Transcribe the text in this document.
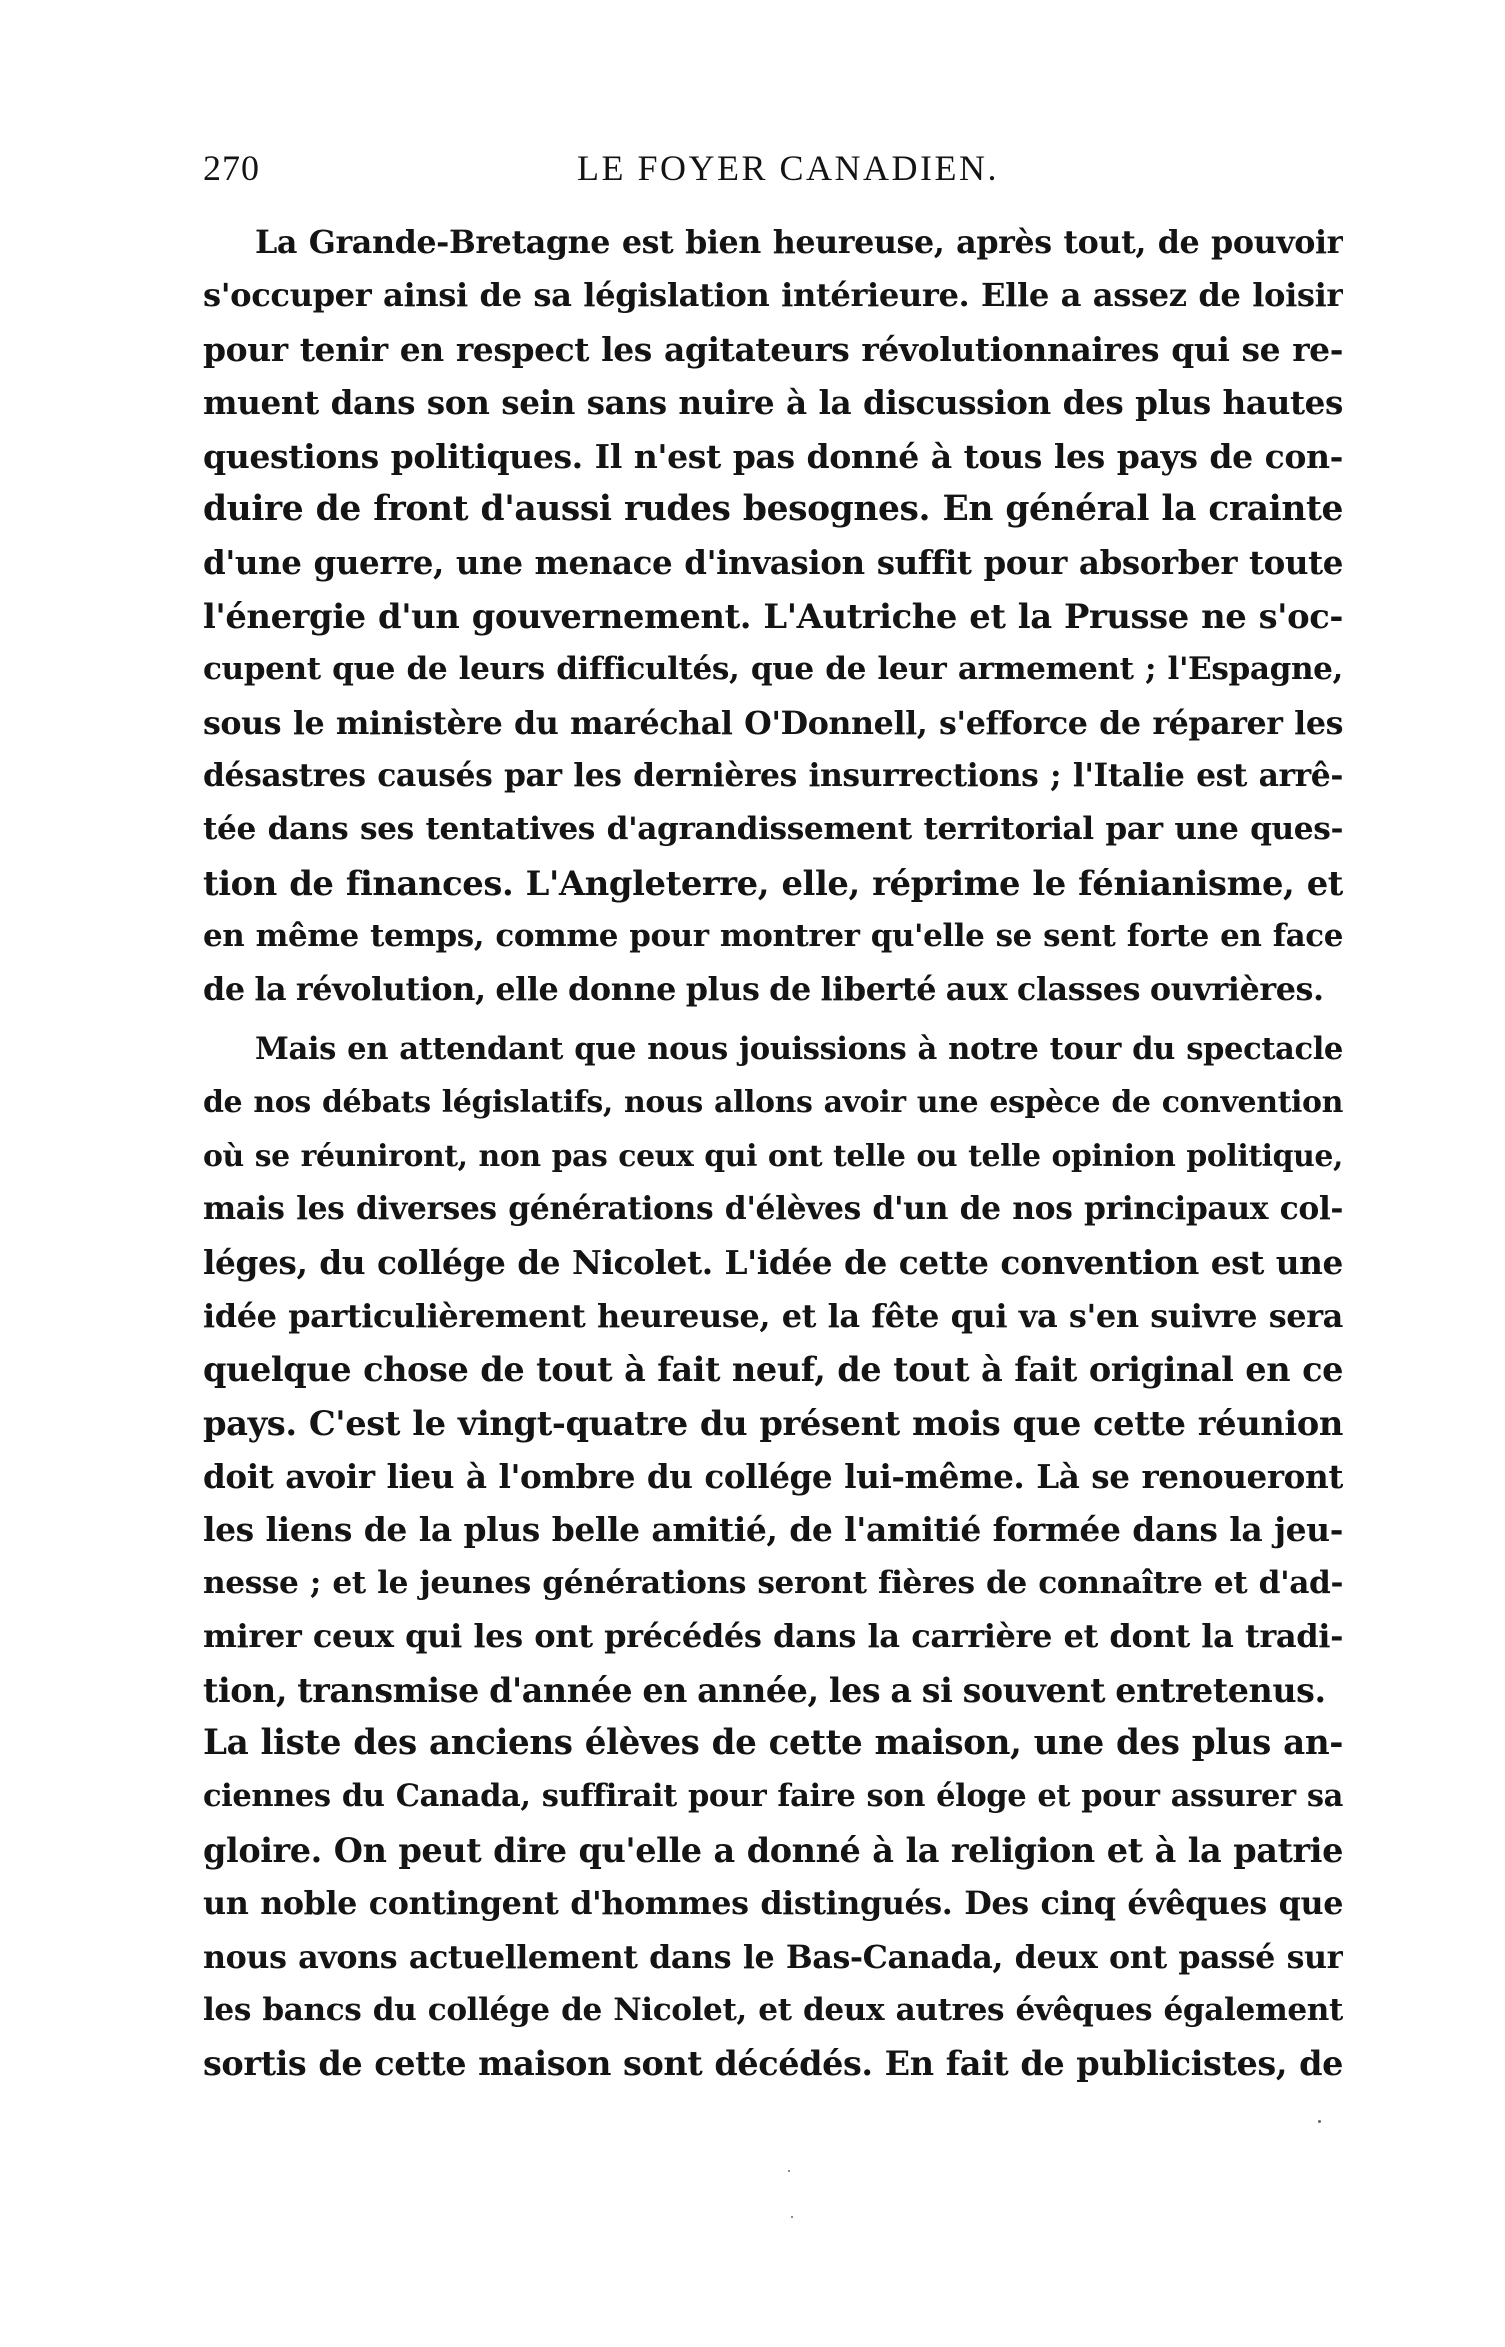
270	LE FOYER CANADIEN.
La Grande-Bretagne est bien heureuse, après tout, de pouvoir
s'occuper ainsi de sa législation intérieure. Elle a assez de loisir
pour tenir en respect les agitateurs révolutionnaires qui se re-
muent dans son sein sans nuire à la discussion des plus hautes
questions politiques. Il n'est pas donné à tous les pays de con-
duire de front d'aussi rudes besognes. En général la crainte
d'une guerre, une menace d'invasion suffit pour absorber toute
l'énergie d'un gouvernement. L'Autriche et la Prusse ne s'oc-
cupent que de leurs difficultés, que de leur armement ; l'Espagne,
sous le ministère du maréchal O'Donnell, s'efforce de réparer les
désastres causés par les dernières insurrections ; l'Italie est arrê-
tée dans ses tentatives d'agrandissement territorial par une ques-
tion de finances. L'Angleterre, elle, réprime le fénianisme, et
en même temps, comme pour montrer qu'elle se sent forte en face
de la révolution, elle donne plus de liberté aux classes ouvrières.
Mais en attendant que nous jouissions à notre tour du spectacle
de nos débats législatifs, nous allons avoir une espèce de convention
où se réuniront, non pas ceux qui ont telle ou telle opinion politique,
mais les diverses générations d'élèves d'un de nos principaux col-
léges, du collége de Nicolet. L'idée de cette convention est une
idée particulièrement heureuse, et la fête qui va s'en suivre sera
quelque chose de tout à fait neuf, de tout à fait original en ce
pays. C'est le vingt-quatre du présent mois que cette réunion
doit avoir lieu à l'ombre du collége lui-même. Là se renoueront
les liens de la plus belle amitié, de l'amitié formée dans la jeu-
nesse ; et le jeunes générations seront fières de connaître et d'ad-
mirer ceux qui les ont précédés dans la carrière et dont la tradi-
tion, transmise d'année en année, les a si souvent entretenus.
La liste des anciens élèves de cette maison, une des plus an-
ciennes du Canada, suffirait pour faire son éloge et pour assurer sa
gloire. On peut dire qu'elle a donné à la religion et à la patrie
un noble contingent d'hommes distingués. Des cinq évêques que
nous avons actuellement dans le Bas-Canada, deux ont passé sur
les bancs du collége de Nicolet, et deux autres évêques également
sortis de cette maison sont décédés. En fait de publicistes, de
